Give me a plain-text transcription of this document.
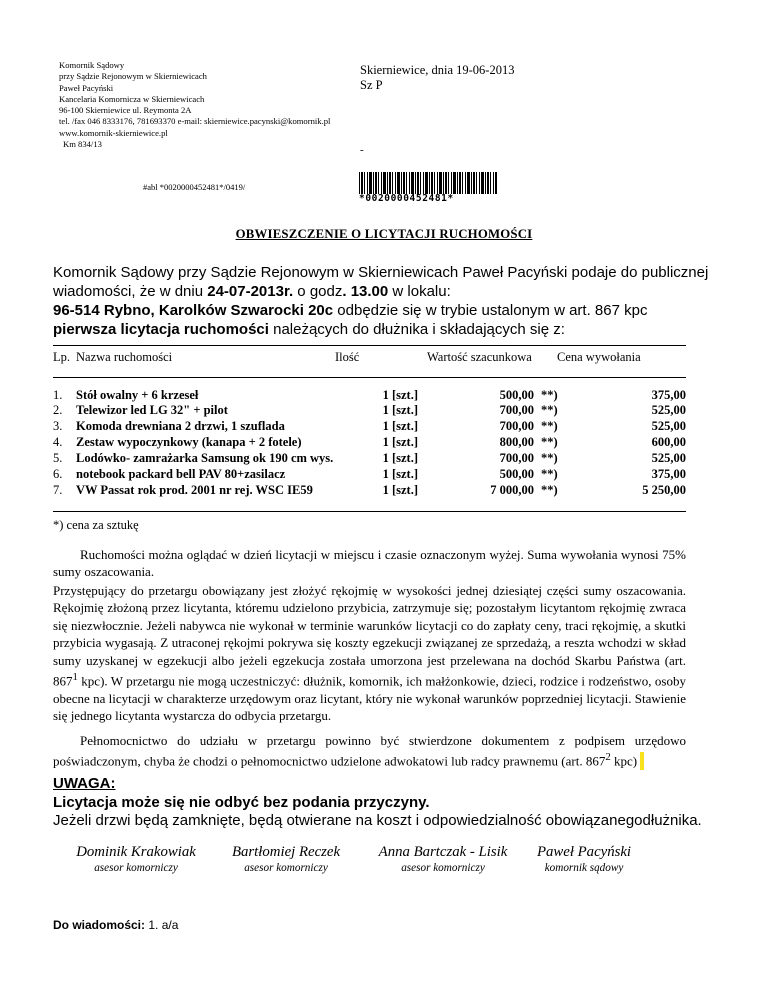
Komornik Sądowy
przy Sądzie Rejonowym w Skierniewicach
Paweł Pacyński
Kancelaria Komornicza w Skierniewicach
96-100 Skierniewice ul. Reymonta 2A
tel. /fax 046 8333176, 781693370 e-mail: skierniewice.pacynski@komornik.pl
www.komornik-skierniewice.pl
Km 834/13
Skierniewice, dnia 19-06-2013
Sz P
-
#abl *0020000452481*/0419/
*0020000452481*
OBWIESZCZENIE O LICYTACJI RUCHOMOŚCI
Komornik Sądowy przy Sądzie Rejonowym w Skierniewicach Paweł Pacyński podaje do publicznej wiadomości, że w dniu 24-07-2013r. o godz. 13.00 w lokalu:
96-514 Rybno, Karolków Szwarocki 20c odbędzie się w trybie ustalonym w art. 867 kpc pierwsza licytacja ruchomości należących do dłużnika i składających się z:
Lp. Nazwa ruchomości	Ilość	Wartość szacunkowa Cena wywołania
1. Stół owalny + 6 krzeseł	1 [szt.]	500,00 **)	375,00
2. Telewizor led LG 32" + pilot	1 [szt.]	700,00 **)	525,00
3. Komoda drewniana 2 drzwi, 1 szuflada	1 [szt.]	700,00 **)	525,00
4. Zestaw wypoczynkowy (kanapa + 2 fotele)	1 [szt.]	800,00 **)	600,00
5. Lodówko- zamrażarka Samsung ok 190 cm wys.	1 [szt.]	700,00 **)	525,00
6. notebook packard bell PAV 80+zasilacz	1 [szt.]	500,00 **)	375,00
7. VW Passat rok prod. 2001 nr rej. WSC IE59	1 [szt.]	7 000,00 **)	5 250,00
*) cena za sztukę
Ruchomości można oglądać w dzień licytacji w miejscu i czasie oznaczonym wyżej. Suma wywołania wynosi 75% sumy oszacowania.
Przystępujący do przetargu obowiązany jest złożyć rękojmię w wysokości jednej dziesiątej części sumy oszacowania. Rękojmię złożoną przez licytanta, któremu udzielono przybicia, zatrzymuje się; pozostałym licytantom rękojmię zwraca się niezwłocznie. Jeżeli nabywca nie wykonał w terminie warunków licytacji co do zapłaty ceny, traci rękojmię, a skutki przybicia wygasają. Z utraconej rękojmi pokrywa się koszty egzekucji związanej ze sprzedażą, a reszta wchodzi w skład sumy uzyskanej w egzekucji albo jeżeli egzekucja została umorzona jest przelewana na dochód Skarbu Państwa (art. $867^1$ kpc). W przetargu nie mogą uczestniczyć: dłużnik, komornik, ich małżonkowie, dzieci, rodzice i rodzeństwo, osoby obecne na licytacji w charakterze urzędowym oraz licytant, który nie wykonał warunków poprzedniej licytacji. Stawienie się jednego licytanta wystarcza do odbycia przetargu.
Pełnomocnictwo do udziału w przetargu powinno być stwierdzone dokumentem z podpisem urzędowo poświadczonym, chyba że chodzi o pełnomocnictwo udzielone adwokatowi lub radcy prawnemu (art. $867^2$ kpc)
UWAGA:
Licytacja może się nie odbyć bez podania przyczyny.
Jeżeli drzwi będą zamknięte, będą otwierane na koszt i odpowiedzialność obowiązanegodłużnika.
Dominik Krakowiak
asesor komorniczy
Bartłomiej Reczek
asesor komorniczy
Anna Bartczak - Lisik
asesor komorniczy
Paweł Pacyński
komornik sądowy
Do wiadomości: 1. a/a
